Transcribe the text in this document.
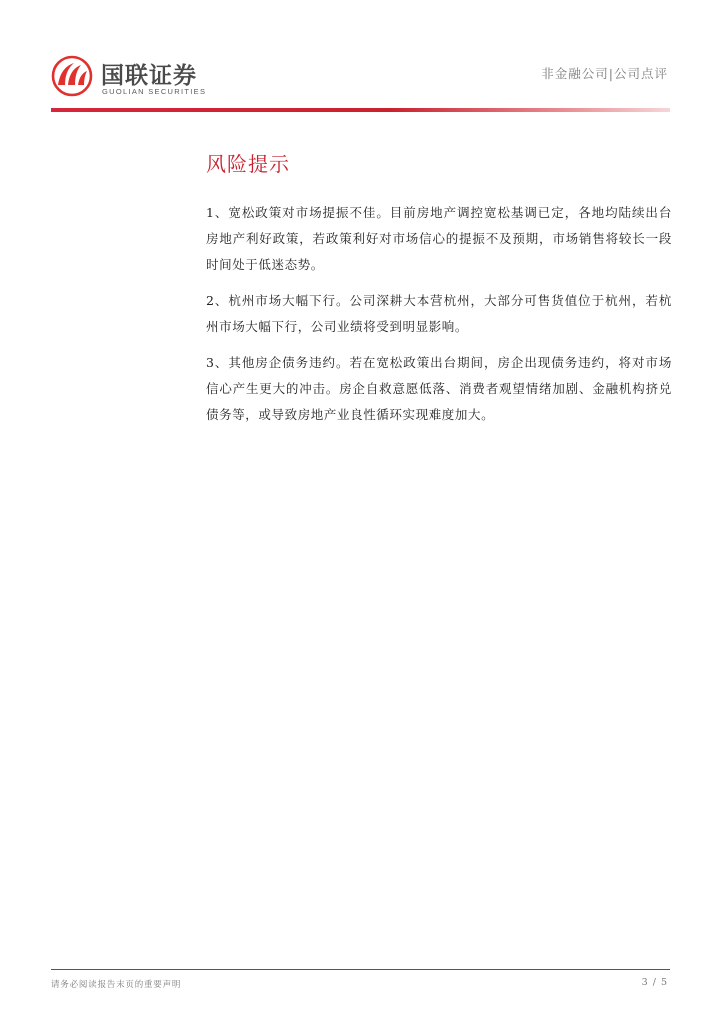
国联证券
GUOLIAN SECURITIES
非金融公司|公司点评
风险提示

1、宽松政策对市场提振不佳。目前房地产调控宽松基调已定，各地均陆续出台房地产利好政策，若政策利好对市场信心的提振不及预期，市场销售将较长一段时间处于低迷态势。

2、杭州市场大幅下行。公司深耕大本营杭州，大部分可售货值位于杭州，若杭州市场大幅下行，公司业绩将受到明显影响。

3、其他房企债务违约。若在宽松政策出台期间，房企出现债务违约，将对市场信心产生更大的冲击。房企自救意愿低落、消费者观望情绪加剧、金融机构挤兑债务等，或导致房地产业良性循环实现难度加大。

请务必阅读报告末页的重要声明	3 / 5
